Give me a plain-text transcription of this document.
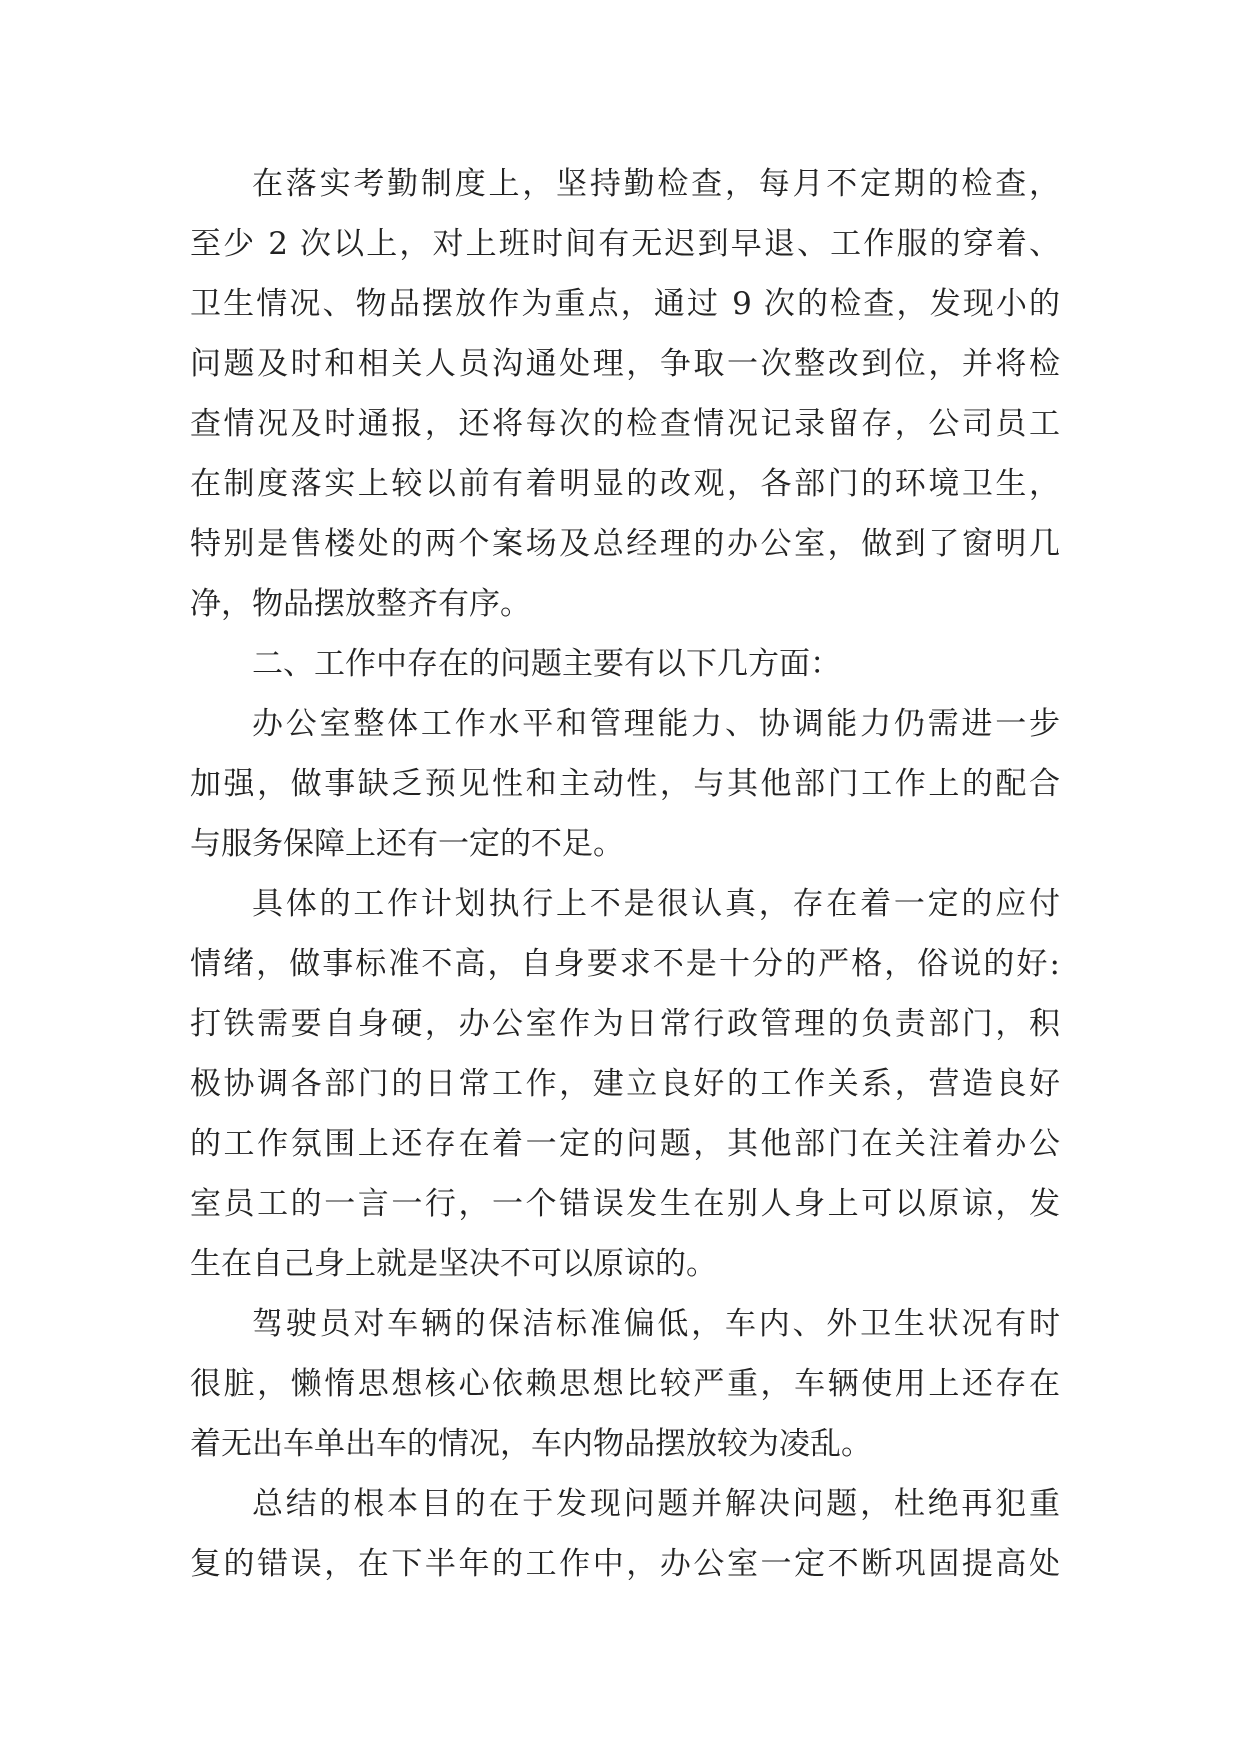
在落实考勤制度上，坚持勤检查，每月不定期的检查，
至少 2 次以上，对上班时间有无迟到早退、工作服的穿着、
卫生情况、物品摆放作为重点，通过 9 次的检查，发现小的
问题及时和相关人员沟通处理，争取一次整改到位，并将检
查情况及时通报，还将每次的检查情况记录留存，公司员工
在制度落实上较以前有着明显的改观，各部门的环境卫生，
特别是售楼处的两个案场及总经理的办公室，做到了窗明几
净，物品摆放整齐有序。
二、工作中存在的问题主要有以下几方面：
办公室整体工作水平和管理能力、协调能力仍需进一步
加强，做事缺乏预见性和主动性，与其他部门工作上的配合
与服务保障上还有一定的不足。
具体的工作计划执行上不是很认真，存在着一定的应付
情绪，做事标准不高，自身要求不是十分的严格，俗说的好:
打铁需要自身硬，办公室作为日常行政管理的负责部门，积
极协调各部门的日常工作，建立良好的工作关系，营造良好
的工作氛围上还存在着一定的问题，其他部门在关注着办公
室员工的一言一行，一个错误发生在别人身上可以原谅，发
生在自己身上就是坚决不可以原谅的。
驾驶员对车辆的保洁标准偏低，车内、外卫生状况有时
很脏，懒惰思想核心依赖思想比较严重，车辆使用上还存在
着无出车单出车的情况，车内物品摆放较为凌乱。
总结的根本目的在于发现问题并解决问题，杜绝再犯重
复的错误，在下半年的工作中，办公室一定不断巩固提高处
